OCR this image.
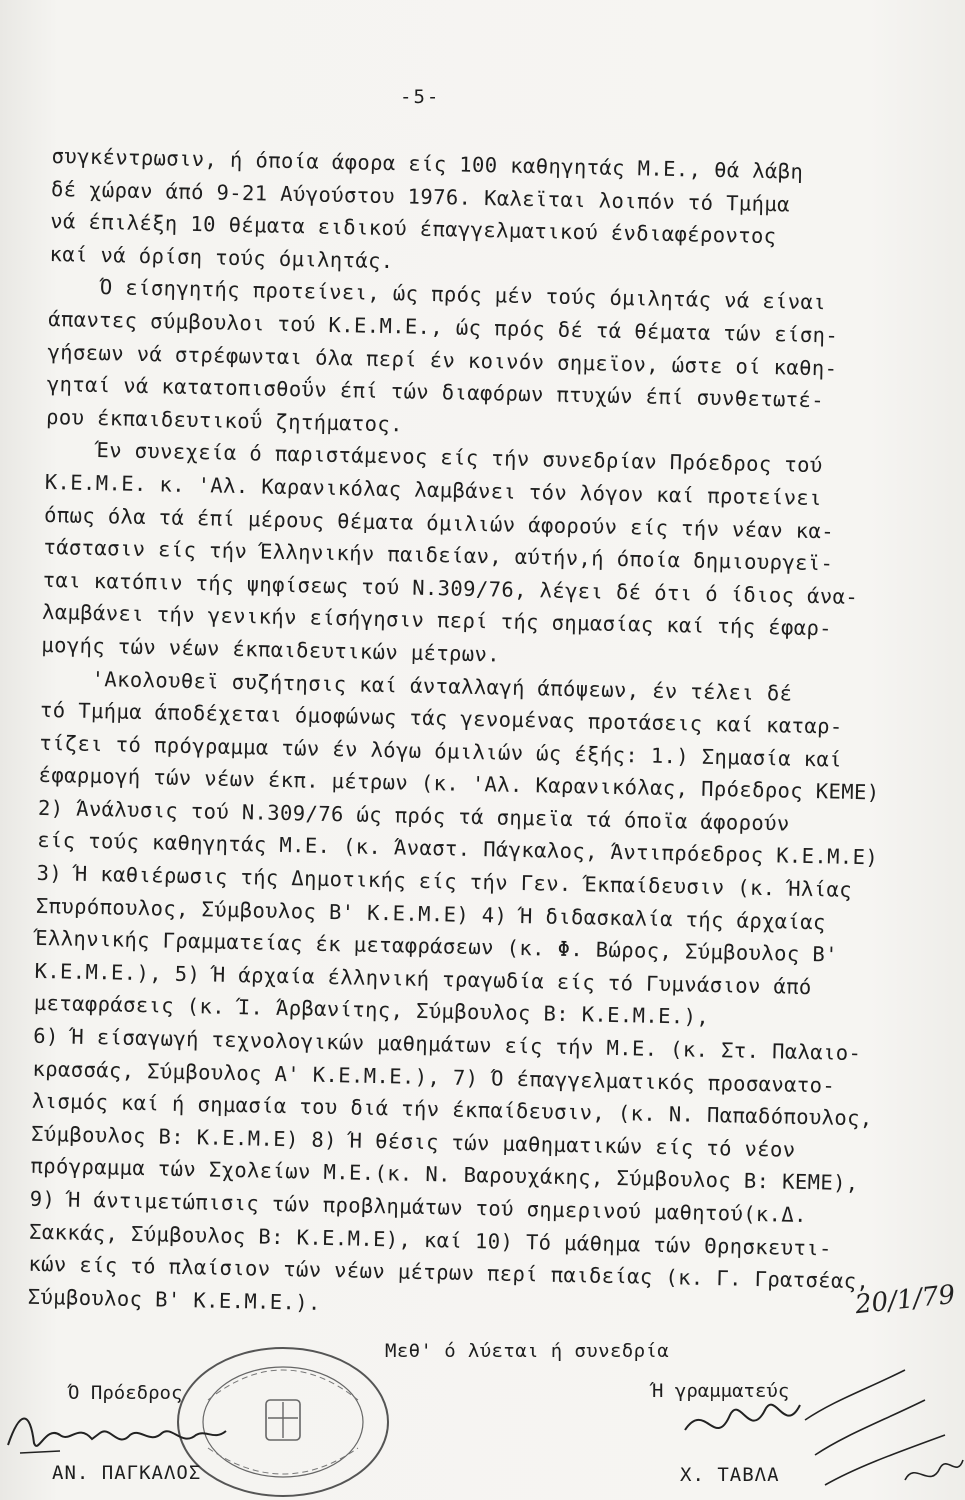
-5-
συγκέντρωσιν, ή όποία άφορα είς 100 καθηγητάς Μ.Ε., θά λάβη
δέ χώραν άπό 9-21 Αύγούστου 1976. Καλεϊται λοιπόν τό Τμήμα
νά έπιλέξη 10 θέματα ειδικού έπαγγελματικού ένδιαφέροντος
καί νά όρίση τούς όμιλητάς.
Ό είσηγητής προτείνει, ώς πρός μέν τούς όμιλητάς νά είναι
άπαντες σύμβουλοι τού Κ.Ε.Μ.Ε., ώς πρός δέ τά θέματα τών είση-
γήσεων νά στρέφωνται όλα περί έν κοινόν σημεϊον, ώστε οί καθη-
γηταί νά κατατοπισθοΰν έπί τών διαφόρων πτυχών έπί συνθετωτέ-
ρου έκπαιδευτικοΰ ζητήματος.
Έν συνεχεία ό παριστάμενος είς τήν συνεδρίαν Πρόεδρος τού
Κ.Ε.Μ.Ε. κ. 'Αλ. Καρανικόλας λαμβάνει τόν λόγον καί προτείνει
όπως όλα τά έπί μέρους θέματα όμιλιών άφορούν είς τήν νέαν κα-
τάστασιν είς τήν Έλληνικήν παιδείαν, αύτήν,ή όποία δημιουργεϊ-
ται κατόπιν τής ψηφίσεως τού Ν.309/76, λέγει δέ ότι ό ίδιος άνα-
λαμβάνει τήν γενικήν είσήγησιν περί τής σημασίας καί τής έφαρ-
μογής τών νέων έκπαιδευτικών μέτρων.
'Ακολουθεϊ συζήτησις καί άνταλλαγή άπόψεων, έν τέλει δέ
τό Τμήμα άποδέχεται όμοφώνως τάς γενομένας προτάσεις καί καταρ-
τίζει τό πρόγραμμα τών έν λόγω όμιλιών ώς έξής: 1.) Σημασία καί
έφαρμογή τών νέων έκπ. μέτρων (κ. 'Αλ. Καρανικόλας, Πρόεδρος ΚΕΜΕ)
2) Άνάλυσις τού Ν.309/76 ώς πρός τά σημεϊα τά όποϊα άφορούν
είς τούς καθηγητάς Μ.Ε. (κ. Άναστ. Πάγκαλος, Άντιπρόεδρος Κ.Ε.Μ.Ε)
3) Ή καθιέρωσις τής Δημοτικής είς τήν Γεν. Έκπαίδευσιν (κ. Ήλίας
Σπυρόπουλος, Σύμβουλος Β' Κ.Ε.Μ.Ε) 4) Ή διδασκαλία τής άρχαίας
Έλληνικής Γραμματείας έκ μεταφράσεων (κ. Φ. Βώρος, Σύμβουλος Β'
Κ.Ε.Μ.Ε.), 5) Ή άρχαία έλληνική τραγωδία είς τό Γυμνάσιον άπό
μεταφράσεις (κ. Ί. Άρβανίτης, Σύμβουλος Β: Κ.Ε.Μ.Ε.),
6) Ή είσαγωγή τεχνολογικών μαθημάτων είς τήν Μ.Ε. (κ. Στ. Παλαιο-
κρασσάς, Σύμβουλος Α' Κ.Ε.Μ.Ε.), 7) Ό έπαγγελματικός προσανατο-
λισμός καί ή σημασία του διά τήν έκπαίδευσιν, (κ. Ν. Παπαδόπουλος,
Σύμβουλος Β: Κ.Ε.Μ.Ε) 8) Ή θέσις τών μαθηματικών είς τό νέον
πρόγραμμα τών Σχολείων Μ.Ε.(κ. Ν. Βαρουχάκης, Σύμβουλος Β: ΚΕΜΕ),
9) Ή άντιμετώπισις τών προβλημάτων τού σημερινού μαθητού(κ.Δ.
Σακκάς, Σύμβουλος Β: Κ.Ε.Μ.Ε), καί 10) Τό μάθημα τών Θρησκευτι-
κών είς τό πλαίσιον τών νέων μέτρων περί παιδείας (κ. Γ. Γρατσέας,
Σύμβουλος Β' Κ.Ε.Μ.Ε.).	20/1/79
Μεθ' ό λύεται ή συνεδρία
Ό Πρόεδρος
ΑΝ. ΠΑΓΚΑΛΟΣ
Ή γραμματεύς
Χ. ΤΑΒΛΑ
